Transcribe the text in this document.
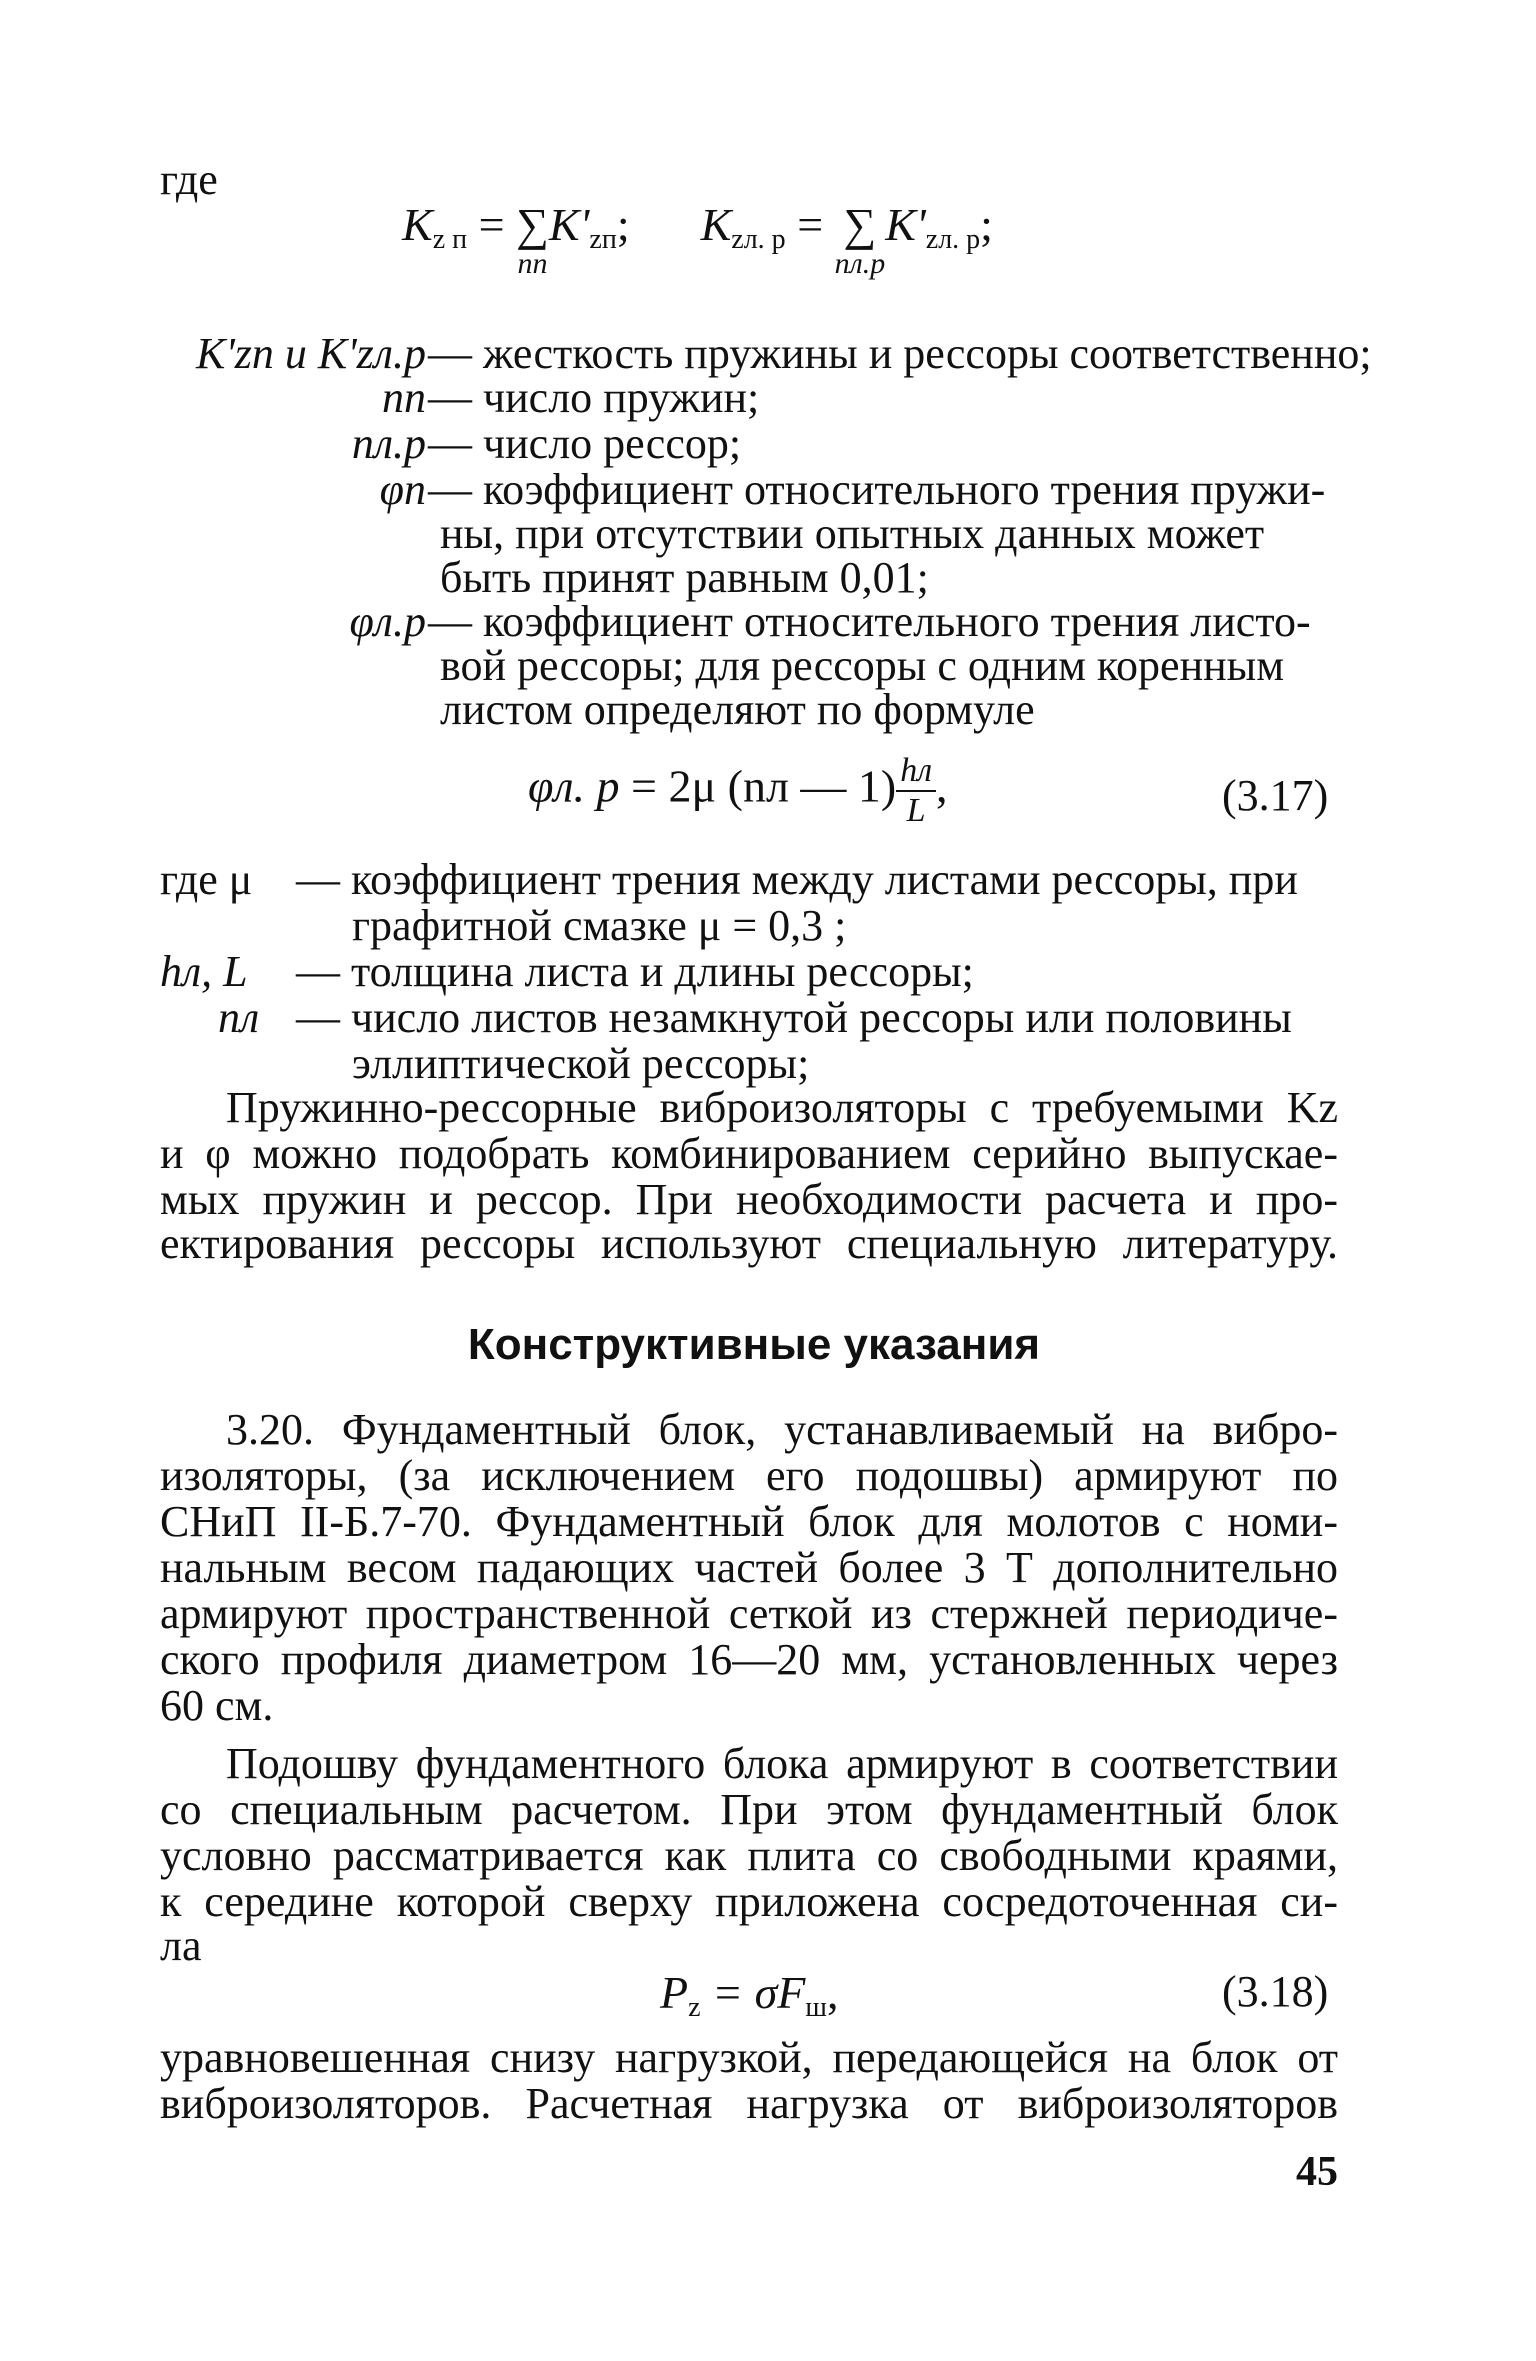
где
$K_{z п}$ = ∑
nп
$K'_{zп}$; $K_{zл. р}$ = ∑
nл.р
$K'_{zл. р}$;
K'zп и K'zл.р — жесткость пружины и рессоры соответственно;
nп — число пружин;
nл.р — число рессор;
φп — коэффициент относительного трения пружи-
ны, при отсутствии опытных данных может
быть принят равным 0,01;
φл.р — коэффициент относительного трения листо-
вой рессоры; для рессоры с одним коренным
листом определяют по формуле
φл. р = 2μ (nл — $1) \frac{hл}{L}$ ,	(3.17)
где μ — коэффициент трения между листами рессоры, при
графитной смазке μ = 0,3 ;
hл, L — толщина листа и длины рессоры;
nл — число листов незамкнутой рессоры или половины
эллиптической рессоры;
Пружинно-рессорные виброизоляторы с требуемыми Kz
и φ можно подобрать комбинированием серийно выпускае-
мых пружин и рессор. При необходимости расчета и про-
ектирования рессоры используют специальную литературу.
Конструктивные указания
3.20. Фундаментный блок, устанавливаемый на вибро-
изоляторы, (за исключением его подошвы) армируют по
СНиП II-Б.7-70. Фундаментный блок для молотов с номи-
нальным весом падающих частей более 3 Т дополнительно
армируют пространственной сеткой из стержней периодиче-
ского профиля диаметром 16—20 мм, установленных через
60 см.
Подошву фундаментного блока армируют в соответствии
со специальным расчетом. При этом фундаментный блок
условно рассматривается как плита со свободными краями,
к середине которой сверху приложена сосредоточенная си-
ла
$P_z = \sigma F_ш$,	(3.18)
уравновешенная снизу нагрузкой, передающейся на блок от
виброизоляторов. Расчетная нагрузка от виброизоляторов
45
